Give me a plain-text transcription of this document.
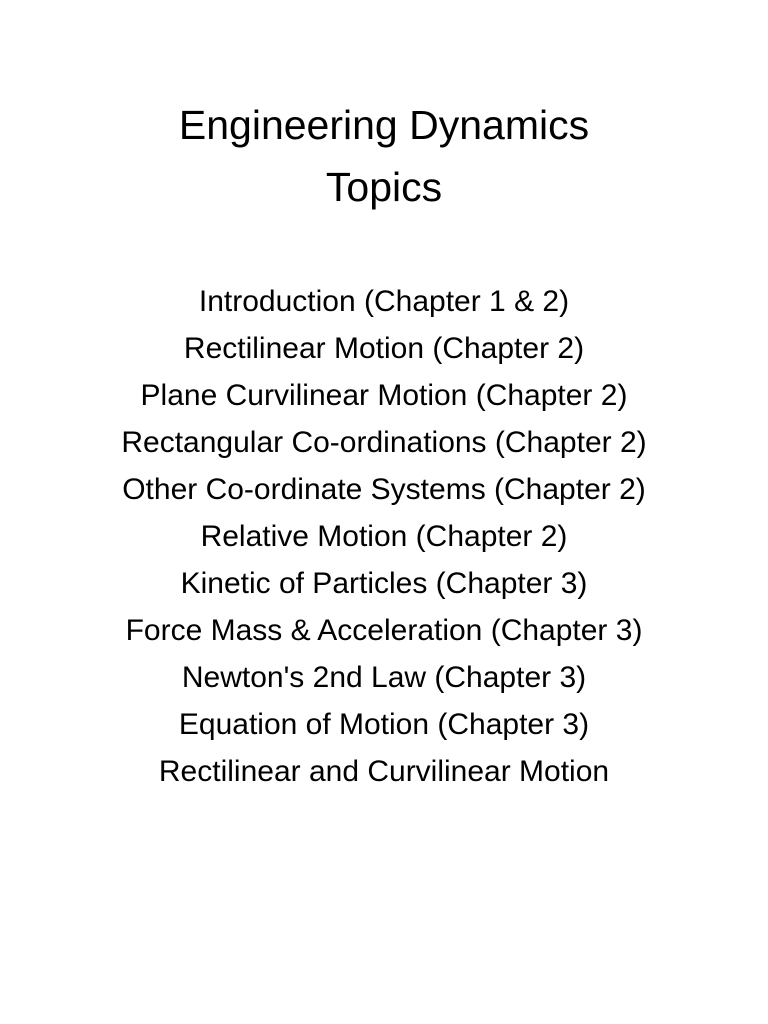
Engineering Dynamics
Topics
Introduction (Chapter 1 & 2)
Rectilinear Motion (Chapter 2)
Plane Curvilinear Motion (Chapter 2)
Rectangular Co-ordinations (Chapter 2)
Other Co-ordinate Systems (Chapter 2)
Relative Motion (Chapter 2)
Kinetic of Particles (Chapter 3)
Force Mass & Acceleration (Chapter 3)
Newton's 2nd Law (Chapter 3)
Equation of Motion (Chapter 3)
Rectilinear and Curvilinear Motion
